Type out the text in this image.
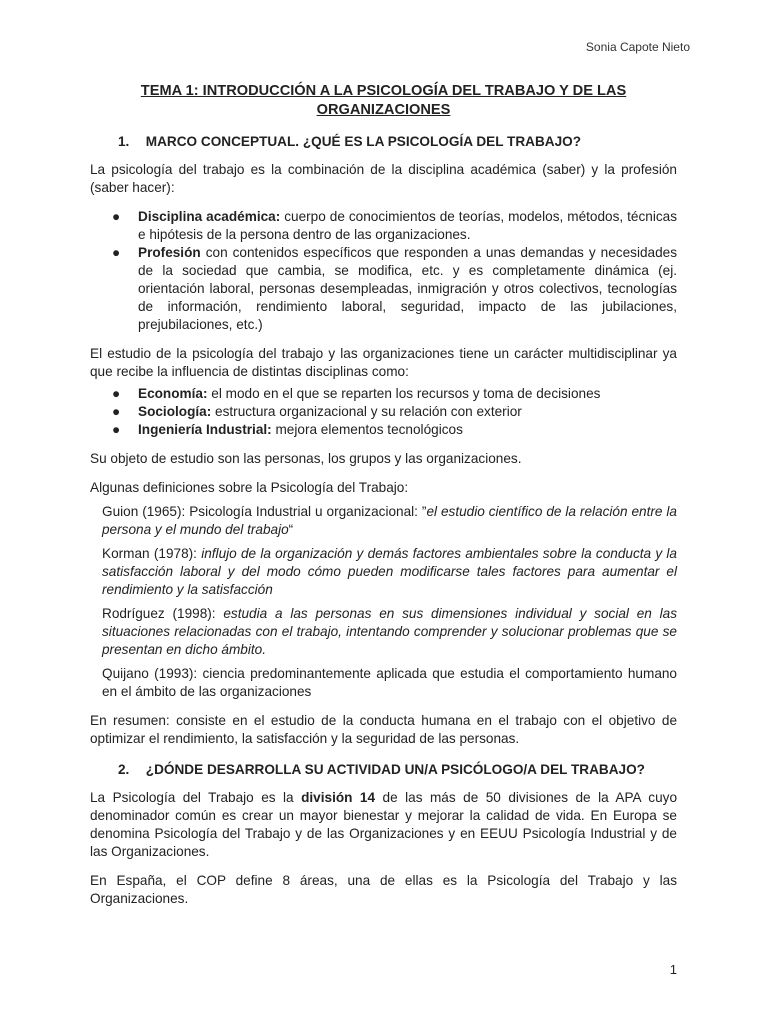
Sonia Capote Nieto
TEMA 1: INTRODUCCIÓN A LA PSICOLOGÍA DEL TRABAJO Y DE LAS
ORGANIZACIONES
1. MARCO CONCEPTUAL. ¿QUÉ ES LA PSICOLOGÍA DEL TRABAJO?

La psicología del trabajo es la combinación de la disciplina académica (saber) y la profesión (saber hacer):

● Disciplina académica: cuerpo de conocimientos de teorías, modelos, métodos, técnicas e hipótesis de la persona dentro de las organizaciones.
● Profesión con contenidos específicos que responden a unas demandas y necesidades de la sociedad que cambia, se modifica, etc. y es completamente dinámica (ej. orientación laboral, personas desempleadas, inmigración y otros colectivos, tecnologías de información, rendimiento laboral, seguridad, impacto de las jubilaciones, prejubilaciones, etc.)

El estudio de la psicología del trabajo y las organizaciones tiene un carácter multidisciplinar ya que recibe la influencia de distintas disciplinas como:

● Economía: el modo en el que se reparten los recursos y toma de decisiones
● Sociología: estructura organizacional y su relación con exterior
● Ingeniería Industrial: mejora elementos tecnológicos

Su objeto de estudio son las personas, los grupos y las organizaciones.

Algunas definiciones sobre la Psicología del Trabajo:

Guion (1965): Psicología Industrial u organizacional: ”el estudio científico de la relación entre la persona y el mundo del trabajo“

Korman (1978): influjo de la organización y demás factores ambientales sobre la conducta y la satisfacción laboral y del modo cómo pueden modificarse tales factores para aumentar el rendimiento y la satisfacción

Rodríguez (1998): estudia a las personas en sus dimensiones individual y social en las situaciones relacionadas con el trabajo, intentando comprender y solucionar problemas que se presentan en dicho ámbito.

Quijano (1993): ciencia predominantemente aplicada que estudia el comportamiento humano en el ámbito de las organizaciones

En resumen: consiste en el estudio de la conducta humana en el trabajo con el objetivo de optimizar el rendimiento, la satisfacción y la seguridad de las personas.

2. ¿DÓNDE DESARROLLA SU ACTIVIDAD UN/A PSICÓLOGO/A DEL TRABAJO?

La Psicología del Trabajo es la división 14 de las más de 50 divisiones de la APA cuyo denominador común es crear un mayor bienestar y mejorar la calidad de vida. En Europa se denomina Psicología del Trabajo y de las Organizaciones y en EEUU Psicología Industrial y de las Organizaciones.

En España, el COP define 8 áreas, una de ellas es la Psicología del Trabajo y las Organizaciones.

1
